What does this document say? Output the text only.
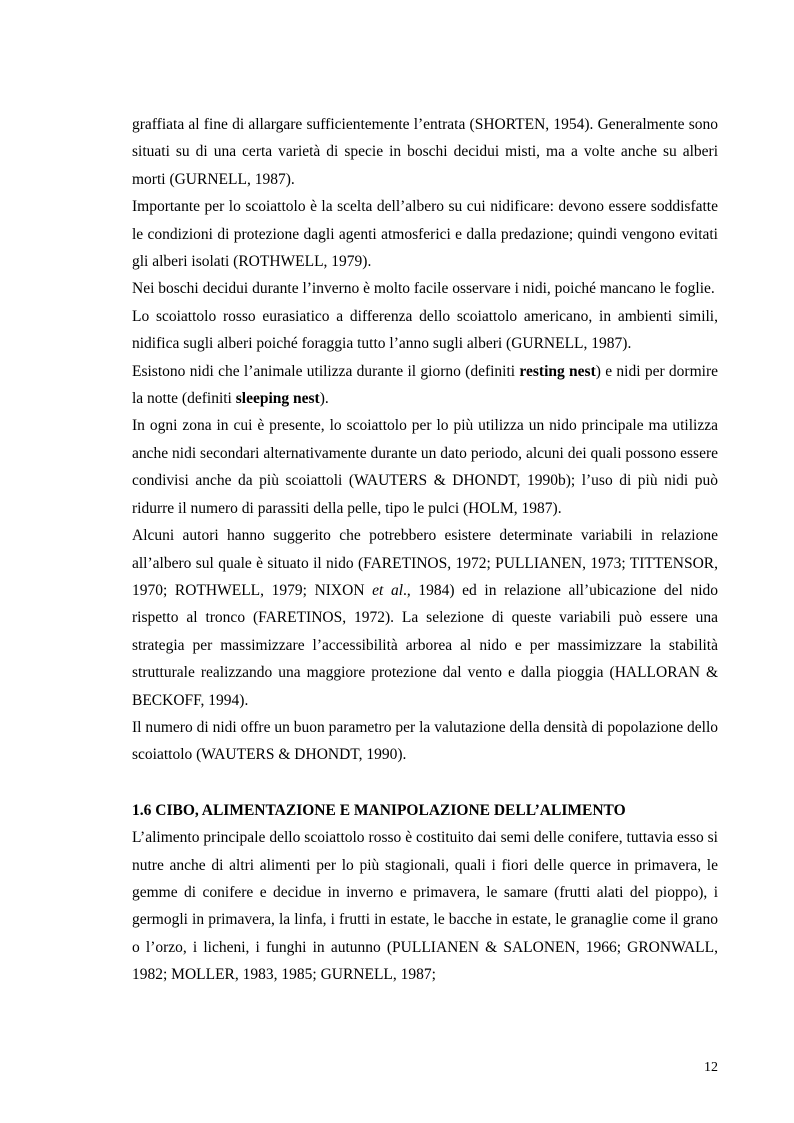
graffiata al fine di allargare sufficientemente l’entrata (SHORTEN, 1954). Generalmente sono situati su di una certa varietà di specie in boschi decidui misti, ma a volte anche su alberi morti (GURNELL, 1987).

Importante per lo scoiattolo è la scelta dell’albero su cui nidificare: devono essere soddisfatte le condizioni di protezione dagli agenti atmosferici e dalla predazione; quindi vengono evitati gli alberi isolati (ROTHWELL, 1979).

Nei boschi decidui durante l’inverno è molto facile osservare i nidi, poiché mancano le foglie.

Lo scoiattolo rosso eurasiatico a differenza dello scoiattolo americano, in ambienti simili, nidifica sugli alberi poiché foraggia tutto l’anno sugli alberi (GURNELL, 1987).

Esistono nidi che l’animale utilizza durante il giorno (definiti resting nest) e nidi per dormire la notte (definiti sleeping nest).

In ogni zona in cui è presente, lo scoiattolo per lo più utilizza un nido principale ma utilizza anche nidi secondari alternativamente durante un dato periodo, alcuni dei quali possono essere condivisi anche da più scoiattoli (WAUTERS & DHONDT, 1990b); l’uso di più nidi può ridurre il numero di parassiti della pelle, tipo le pulci (HOLM, 1987).

Alcuni autori hanno suggerito che potrebbero esistere determinate variabili in relazione all’albero sul quale è situato il nido (FARETINOS, 1972; PULLIANEN, 1973; TITTENSOR, 1970; ROTHWELL, 1979; NIXON et al., 1984) ed in relazione all’ubicazione del nido rispetto al tronco (FARETINOS, 1972). La selezione di queste variabili può essere una strategia per massimizzare l’accessibilità arborea al nido e per massimizzare la stabilità strutturale realizzando una maggiore protezione dal vento e dalla pioggia (HALLORAN & BECKOFF, 1994).

Il numero di nidi offre un buon parametro per la valutazione della densità di popolazione dello scoiattolo (WAUTERS & DHONDT, 1990).

1.6 CIBO, ALIMENTAZIONE E MANIPOLAZIONE DELL’ALIMENTO

L’alimento principale dello scoiattolo rosso è costituito dai semi delle conifere, tuttavia esso si nutre anche di altri alimenti per lo più stagionali, quali i fiori delle querce in primavera, le gemme di conifere e decidue in inverno e primavera, le samare (frutti alati del pioppo), i germogli in primavera, la linfa, i frutti in estate, le bacche in estate, le granaglie come il grano o l’orzo, i licheni, i funghi in autunno (PULLIANEN & SALONEN, 1966; GRONWALL, 1982; MOLLER, 1983, 1985; GURNELL, 1987;

12
